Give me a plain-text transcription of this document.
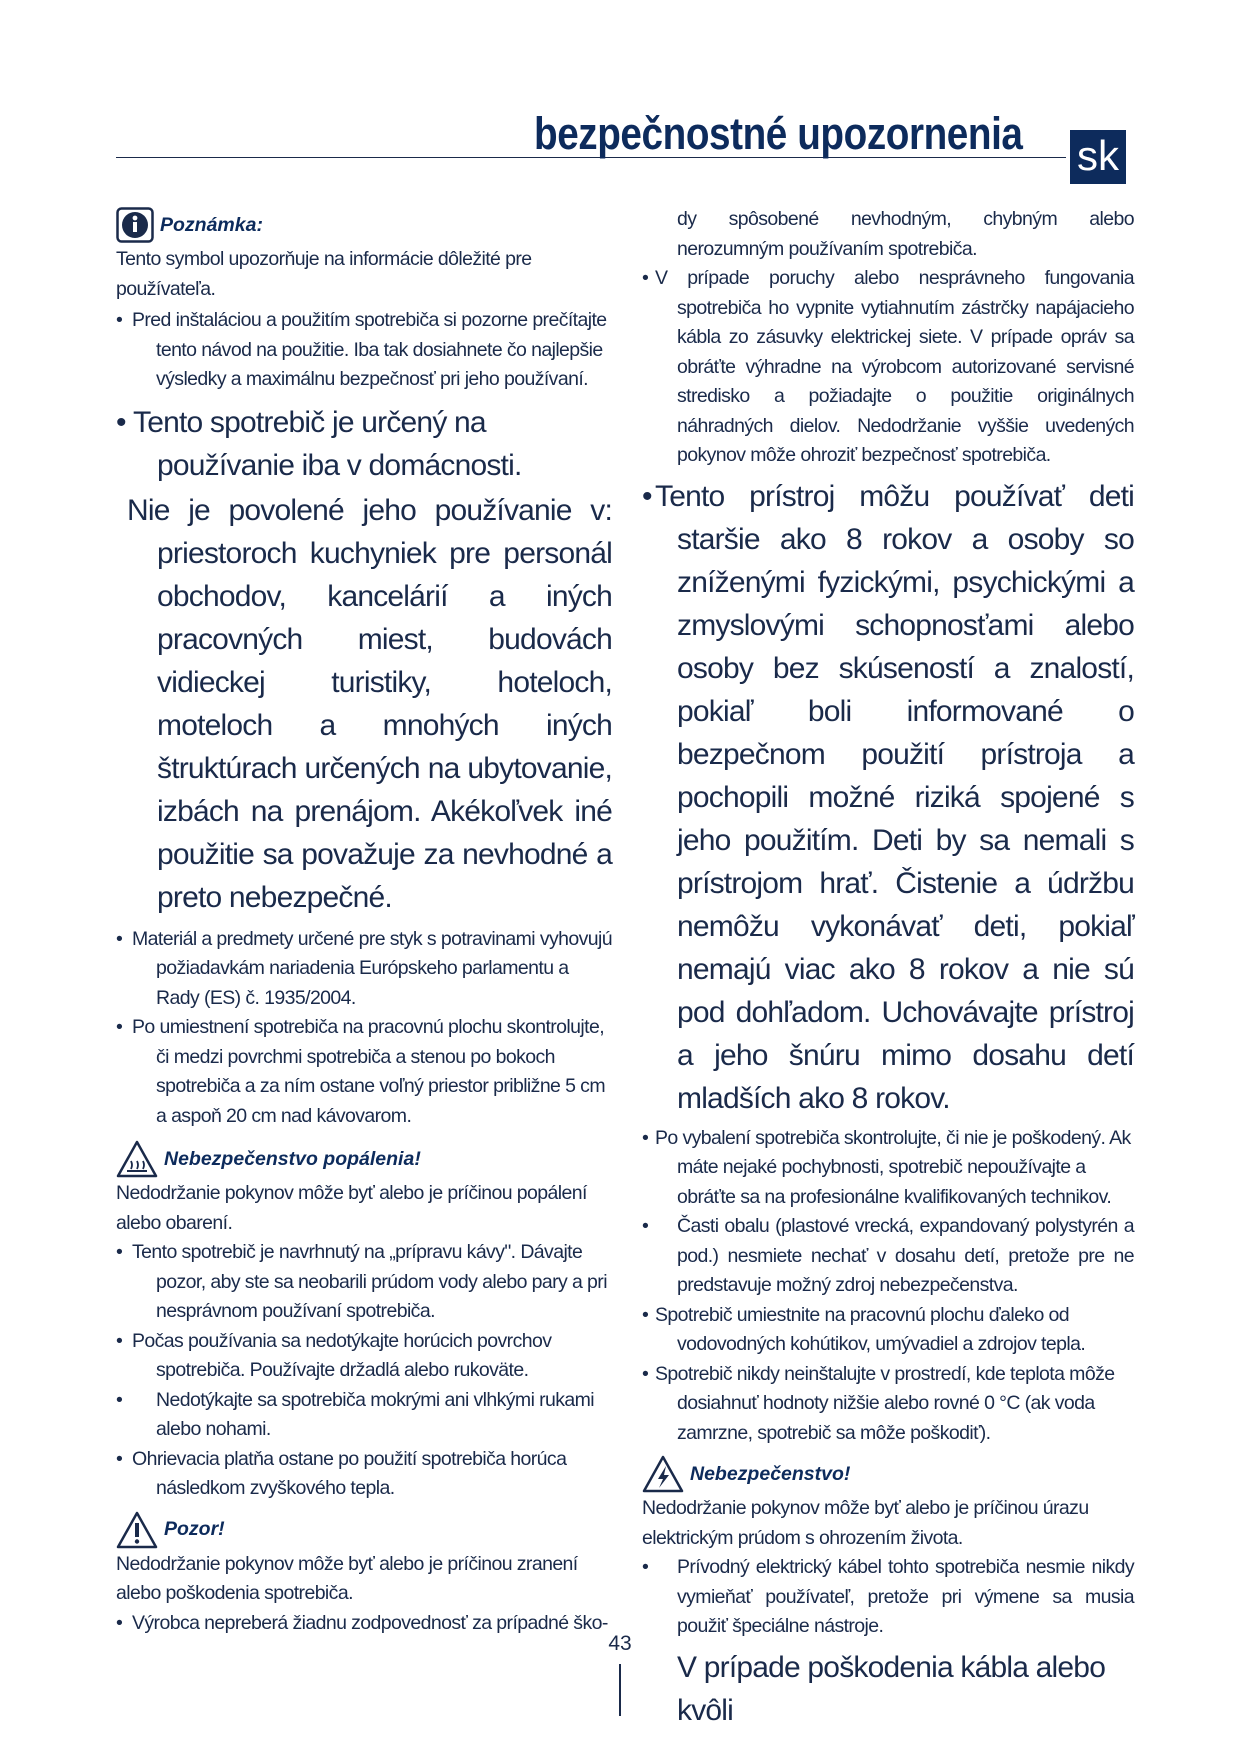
bezpečnostné upozornenia sk
Poznámka:

Tento symbol upozorňuje na informácie dôležité pre používateľa.

• Pred inštaláciou a použitím spotrebiča si pozorne prečítajte tento návod na použitie. Iba tak dosiahnete čo najlepšie výsledky a maximálnu bezpečnosť pri jeho používaní.
• Tento spotrebič je určený na používanie iba v domácnosti.
Nie je povolené jeho používanie v: priestoroch kuchyniek pre personál obchodov, kancelárií a iných pracovných miest, budovách vidieckej turistiky, hoteloch, moteloch a mnohých iných štruktúrach určených na ubytovanie, izbách na prenájom. Akékoľvek iné použitie sa považuje za nevhodné a preto nebezpečné.
• Materiál a predmety určené pre styk s potravinami vyhovujú požiadavkám nariadenia Európskeho parlamentu a Rady (ES) č. 1935/2004.
• Po umiestnení spotrebiča na pracovnú plochu skontrolujte, či medzi povrchmi spotrebiča a stenou po bokoch spotrebiča a za ním ostane voľný priestor približne 5 cm a aspoň 20 cm nad kávovarom.
Nebezpečenstvo popálenia!

Nedodržanie pokynov môže byť alebo je príčinou popálení alebo obarení.

• Tento spotrebič je navrhnutý na „prípravu kávy". Dávajte pozor, aby ste sa neobarili prúdom vody alebo pary a pri nesprávnom používaní spotrebiča.
• Počas používania sa nedotýkajte horúcich povrchov spotrebiča. Používajte držadlá alebo rukoväte.
• Nedotýkajte sa spotrebiča mokrými ani vlhkými rukami alebo nohami.
• Ohrievacia platňa ostane po použití spotrebiča horúca následkom zvyškového tepla.
Pozor!

Nedodržanie pokynov môže byť alebo je príčinou zranení alebo poškodenia spotrebiča.

• Výrobca nepreberá žiadnu zodpovednosť za prípadné ško-
dy spôsobené nevhodným, chybným alebo nerozumným používaním spotrebiča.
• V prípade poruchy alebo nesprávneho fungovania spotrebiča ho vypnite vytiahnutím zástrčky napájacieho kábla zo zásuvky elektrickej siete. V prípade opráv sa obráťte výhradne na výrobcom autorizované servisné stredisko a požiadajte o použitie originálnych náhradných dielov. Nedodržanie vyššie uvedených pokynov môže ohroziť bezpečnosť spotrebiča.
• Tento prístroj môžu používať deti staršie ako 8 rokov a osoby so zníženými fyzickými, psychickými a zmyslovými schopnosťami alebo osoby bez skúseností a znalostí, pokiaľ boli informované o bezpečnom použití prístroja a pochopili možné riziká spojené s jeho použitím. Deti by sa nemali s prístrojom hrať. Čistenie a údržbu nemôžu vykonávať deti, pokiaľ nemajú viac ako 8 rokov a nie sú pod dohľadom. Uchovávajte prístroj a jeho šnúru mimo dosahu detí mladších ako 8 rokov.
• Po vybalení spotrebiča skontrolujte, či nie je poškodený. Ak máte nejaké pochybnosti, spotrebič nepoužívajte a obráťte sa na profesionálne kvalifikovaných technikov.
• Časti obalu (plastové vrecká, expandovaný polystyrén a pod.) nesmiete nechať v dosahu detí, pretože pre ne predstavuje možný zdroj nebezpečenstva.
• Spotrebič umiestnite na pracovnú plochu ďaleko od vodovodných kohútikov, umývadiel a zdrojov tepla.
• Spotrebič nikdy neinštalujte v prostredí, kde teplota môže dosiahnuť hodnoty nižšie alebo rovné 0 °C (ak voda zamrzne, spotrebič sa môže poškodiť).
Nebezpečenstvo!

Nedodržanie pokynov môže byť alebo je príčinou úrazu elektrickým prúdom s ohrozením života.

• Prívodný elektrický kábel tohto spotrebiča nesmie nikdy vymieňať používateľ, pretože pri výmene sa musia použiť špeciálne nástroje.
V prípade poškodenia kábla alebo kvôli
43
